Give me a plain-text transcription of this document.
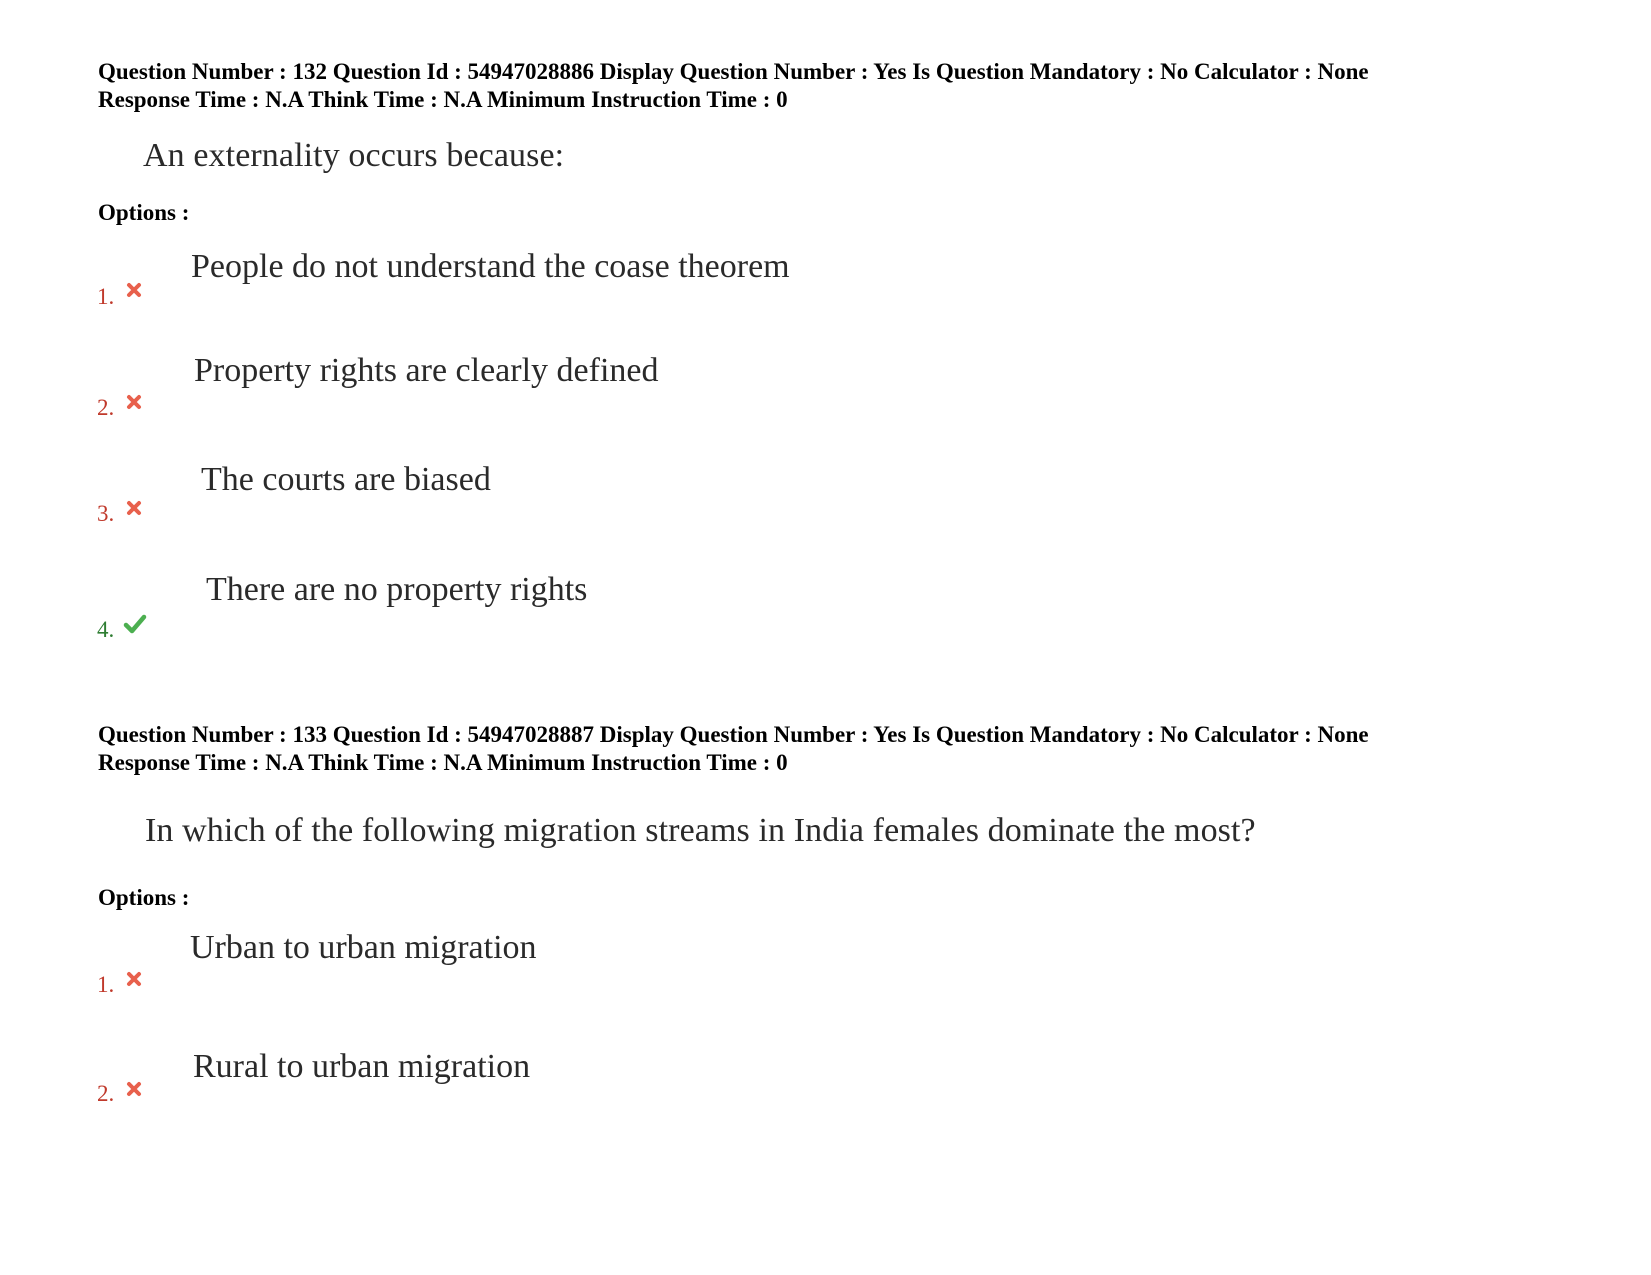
Question Number : 132 Question Id : 54947028886 Display Question Number : Yes Is Question Mandatory : No Calculator : None
Response Time : N.A Think Time : N.A Minimum Instruction Time : 0
An externality occurs because:
Options :
1.
People do not understand the coase theorem
2.
Property rights are clearly defined
3.
The courts are biased
4.
There are no property rights
Question Number : 133 Question Id : 54947028887 Display Question Number : Yes Is Question Mandatory : No Calculator : None
Response Time : N.A Think Time : N.A Minimum Instruction Time : 0
In which of the following migration streams in India females dominate the most?
Options :
1.
Urban to urban migration
2.
Rural to urban migration
